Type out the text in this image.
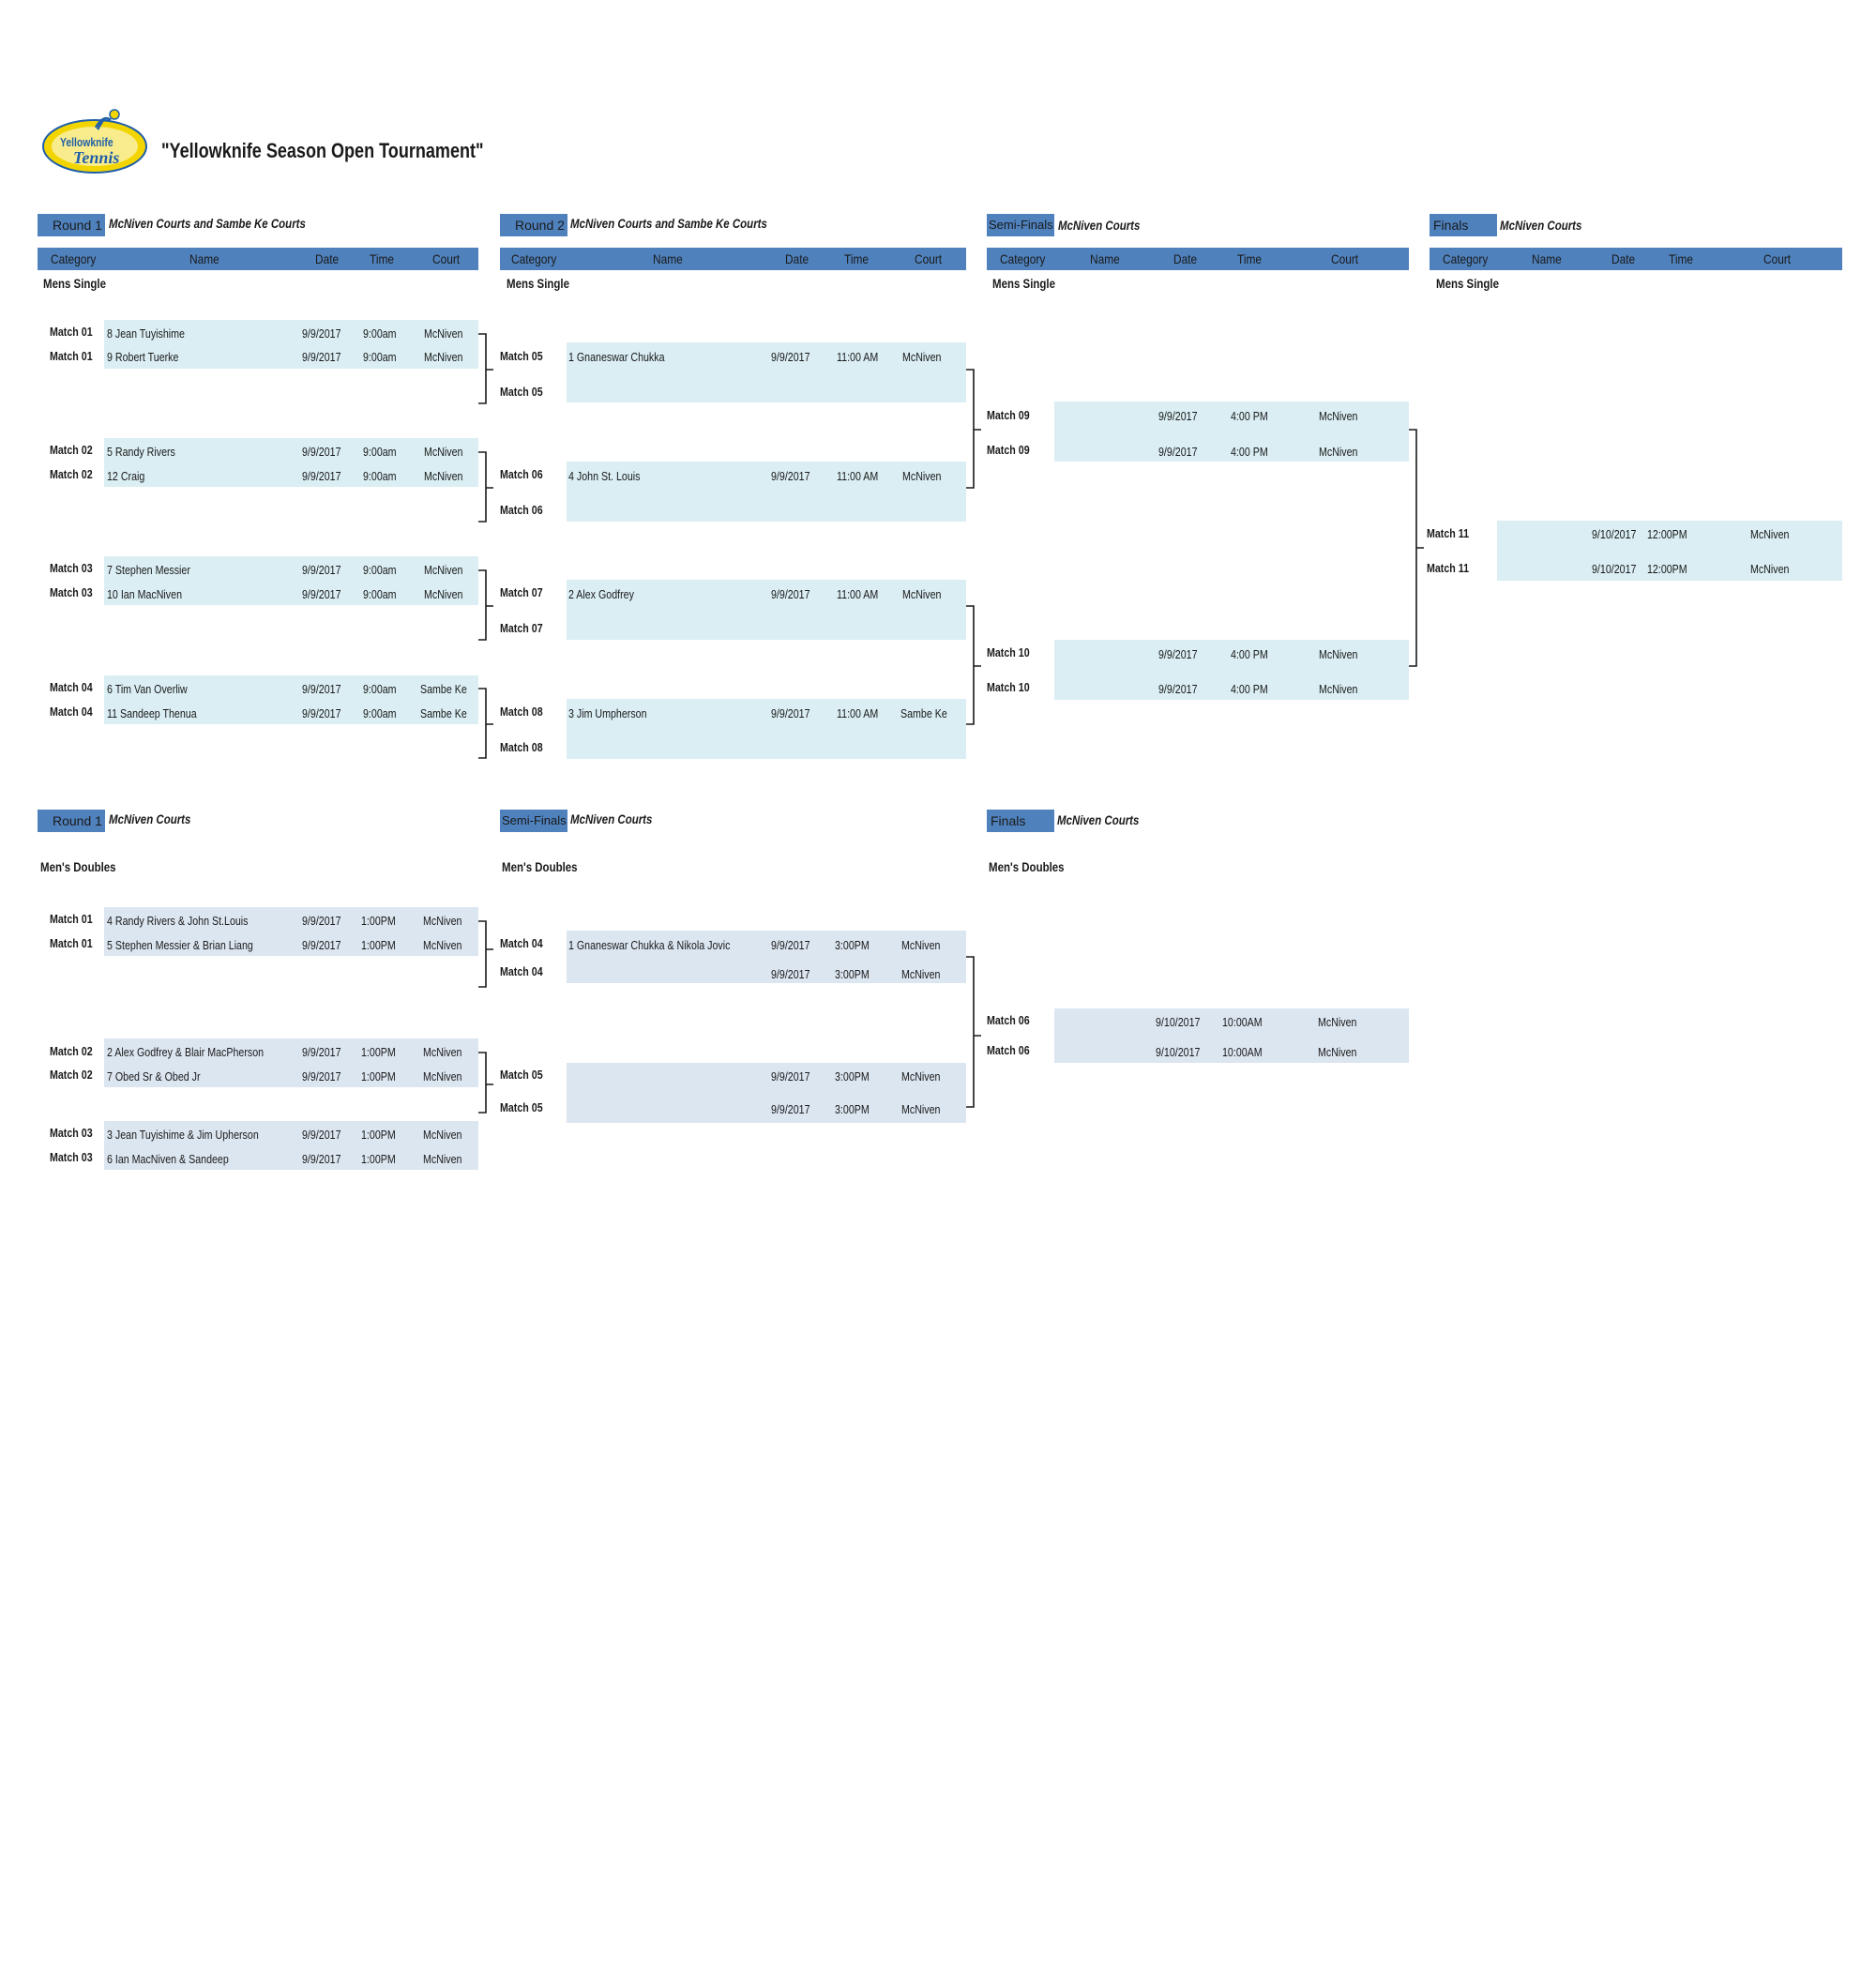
Yellowknife
Tennis "Yellowknife Season Open Tournament"
Round 1 McNiven Courts and Sambe Ke Courts	Round 2 McNiven Courts and Sambe Ke Courts	Semi-Finals McNiven Courts	Finals	McNiven Courts
Category	Name	Date Time	Court	Category	Name	Date	Time	Court	Category	Name	Date	Time	Court	Category	Name	Date	Time	Court
Mens Single	Mens Single	Mens Single	Mens Single
Match 01 8 Jean Tuyishime	9/9/2017 9:00am McNiven
Match 01 9 Robert Tuerke	9/9/2017 9:00am McNiven
Match 02 5 Randy Rivers	9/9/2017 9:00am McNiven
Match 02 12 Craig	9/9/2017 9:00am McNiven
Match 03 7 Stephen Messier	9/9/2017 9:00am McNiven
Match 03 10 Ian MacNiven	9/9/2017 9:00am McNiven
Match 04 6 Tim Van Overliw	9/9/2017 9:00am Sambe Ke
Match 04 11 Sandeep Thenua	9/9/2017 9:00am Sambe Ke
Match 05 1 Gnaneswar Chukka	9/9/2017 11:00 AM McNiven
Match 05
Match 06 4 John St. Louis	9/9/2017 11:00 AM McNiven
Match 06
Match 07 2 Alex Godfrey	9/9/2017 11:00 AM McNiven
Match 07
Match 08 3 Jim Umpherson	9/9/2017 11:00 AM Sambe Ke
Match 08
Match 09	9/9/2017	4:00 PM	McNiven
Match 09	9/9/2017	4:00 PM	McNiven
Match 10	9/9/2017	4:00 PM	McNiven
Match 10	9/9/2017	4:00 PM	McNiven
Match 11	9/10/2017 12:00PM	McNiven
Match 11	9/10/2017 12:00PM	McNiven
Round 1 McNiven Courts	Semi-Finals McNiven Courts	Finals	McNiven Courts
Men's Doubles	Men's Doubles	Men's Doubles
Match 01 4 Randy Rivers & John St.Louis	9/9/2017 1:00PM McNiven
Match 01 5 Stephen Messier & Brian Liang	9/9/2017 1:00PM McNiven
Match 02 2 Alex Godfrey & Blair MacPherson	9/9/2017 1:00PM McNiven
Match 02 7 Obed Sr & Obed Jr	9/9/2017 1:00PM McNiven
Match 03 3 Jean Tuyishime & Jim Upherson	9/9/2017 1:00PM McNiven
Match 03 6 Ian MacNiven & Sandeep	9/9/2017 1:00PM McNiven
Match 04 1 Gnaneswar Chukka & Nikola Jovic	9/9/2017 3:00PM	McNiven
Match 04	9/9/2017 3:00PM	McNiven
Match 05	9/9/2017 3:00PM	McNiven
Match 05	9/9/2017 3:00PM	McNiven
Match 06	9/10/2017 10:00AM	McNiven
Match 06	9/10/2017 10:00AM	McNiven
